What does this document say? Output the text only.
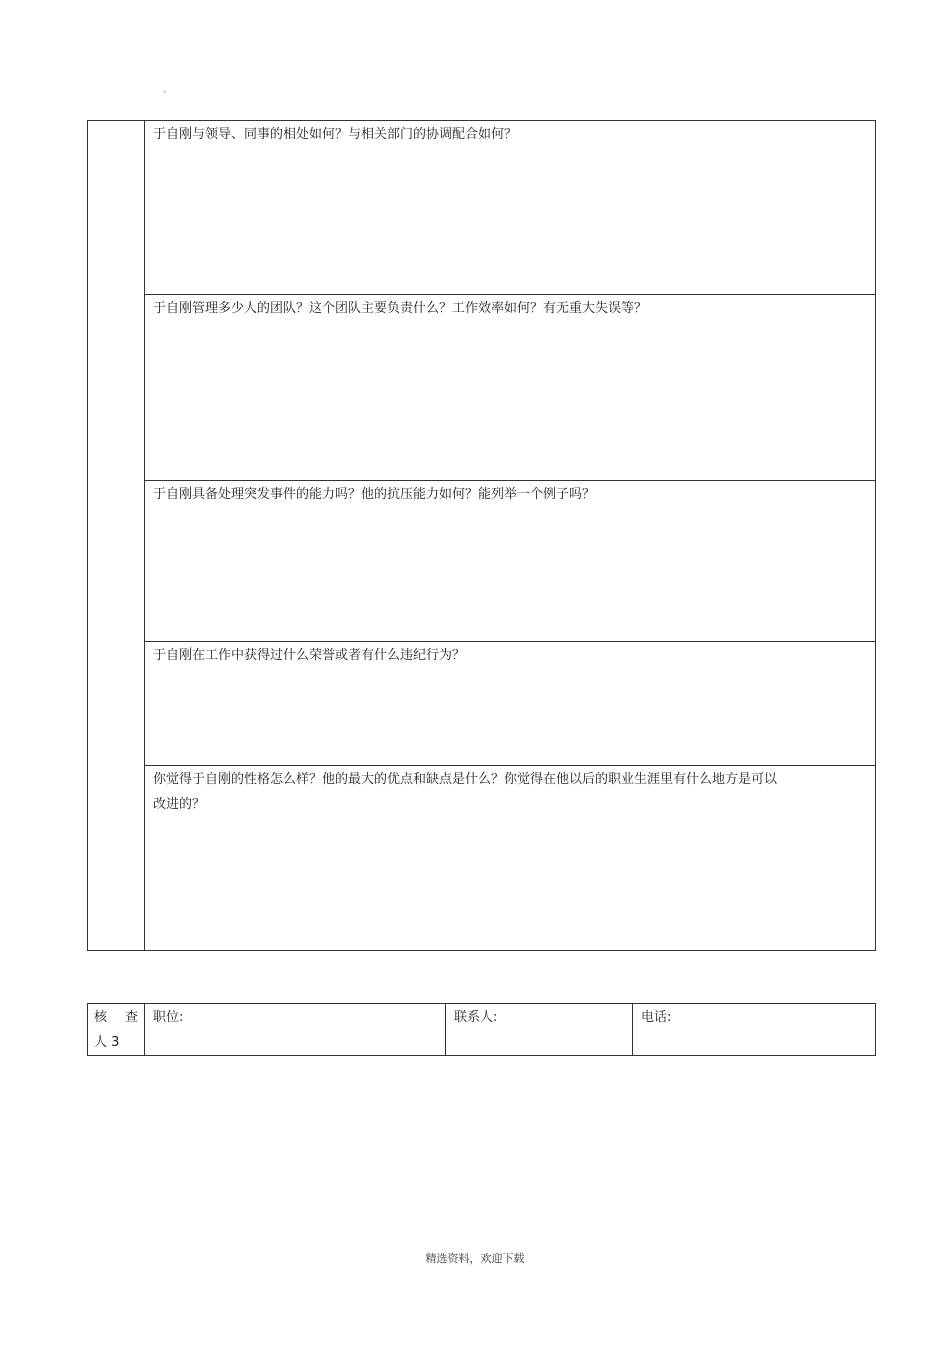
。
	于自刚与领导、同事的相处如何？与相关部门的协调配合如何？
于自刚管理多少人的团队？这个团队主要负责什么？工作效率如何？有无重大失误等？
于自刚具备处理突发事件的能力吗？他的抗压能力如何？能列举一个例子吗？
于自刚在工作中获得过什么荣誉或者有什么违纪行为？

你觉得于自刚的性格怎么样？他的最大的优点和缺点是什么？你觉得在他以后的职业生涯里有什么地方是可以改进的？
核 查
人 3
	职位:	联系人:	电话:
精选资料，欢迎下载
